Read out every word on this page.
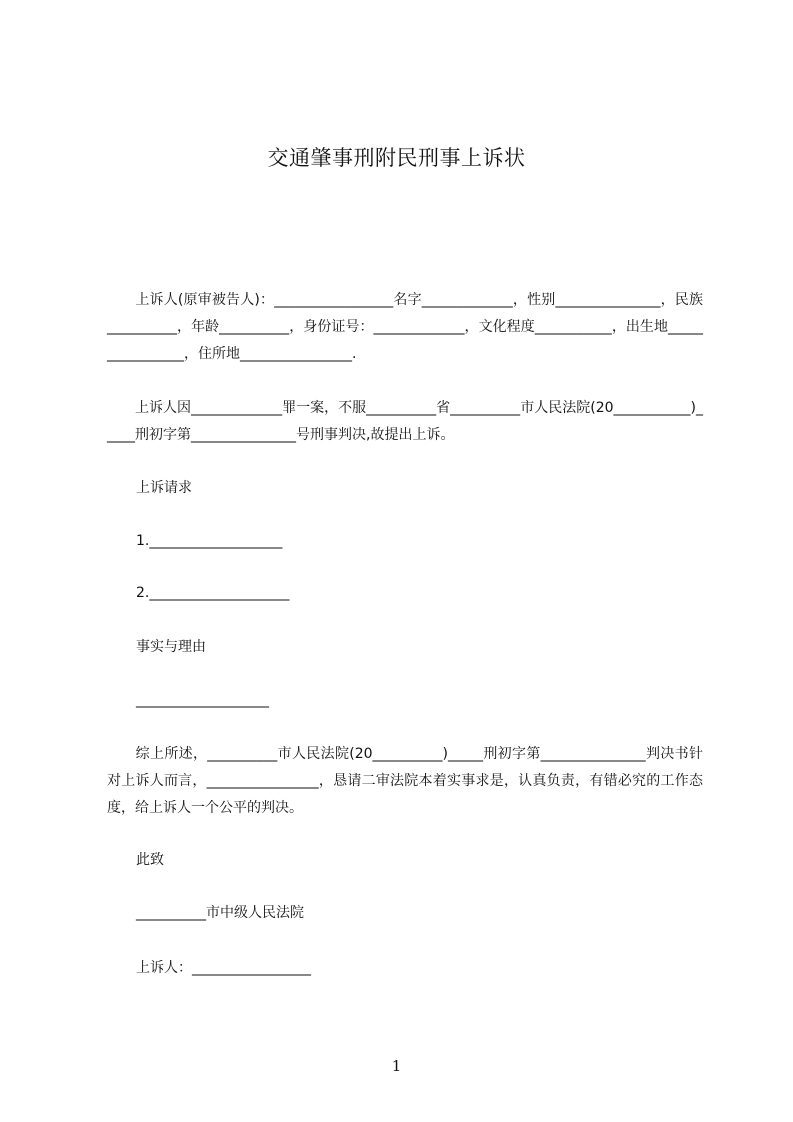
交通肇事刑附民刑事上诉状
　　上诉人(原审被告人)：_________________名字_____________，性别_______________，民族__________，年龄__________，身份证号：_____________，文化程度___________，出生地________________，住所地________________.
　　上诉人因_____________罪一案，不服__________省__________市人民法院(20___________)_____刑初字第_______________号刑事判决,故提出上诉。
上诉请求
1.___________________
2.____________________
事实与理由
___________________
　　综上所述，__________市人民法院(20__________)_____刑初字第_______________判决书针对上诉人而言，________________，恳请二审法院本着实事求是，认真负责，有错必究的工作态度，给上诉人一个公平的判决。
此致
__________市中级人民法院
上诉人：_________________
1
